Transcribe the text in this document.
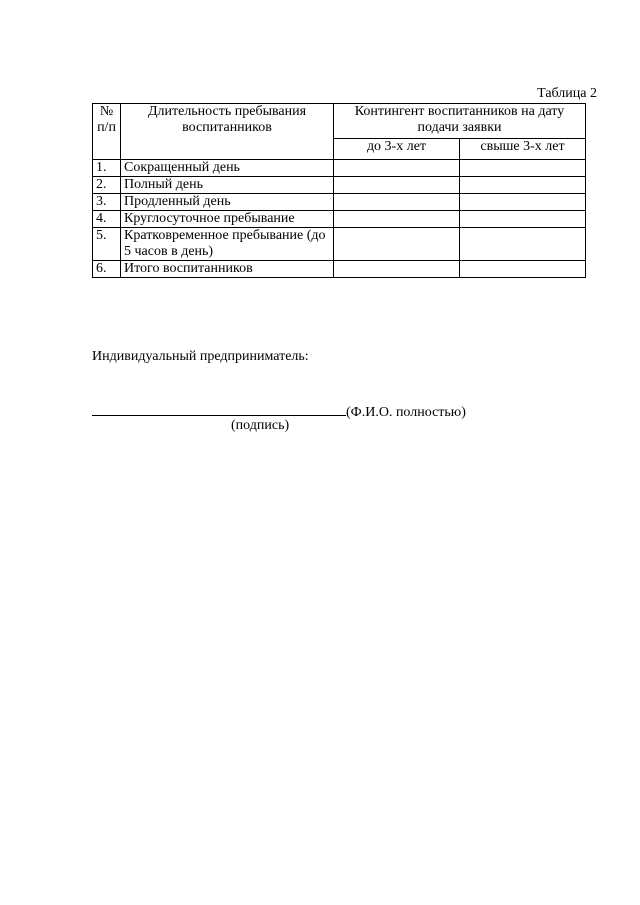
Таблица 2
№ п/п	Длительность пребывания воспитанников	Контингент воспитанников на дату подачи заявки	
		до 3-х лет	свыше 3-х лет
1.	Сокращенный день		
2.	Полный день		
3.	Продленный день		
4.	Круглосуточное пребывание		
5.	Кратковременное пребывание (до 5 часов в день)		
6.	Итого воспитанников		
Индивидуальный предприниматель:
(Ф.И.О. полностью)
(подпись)
